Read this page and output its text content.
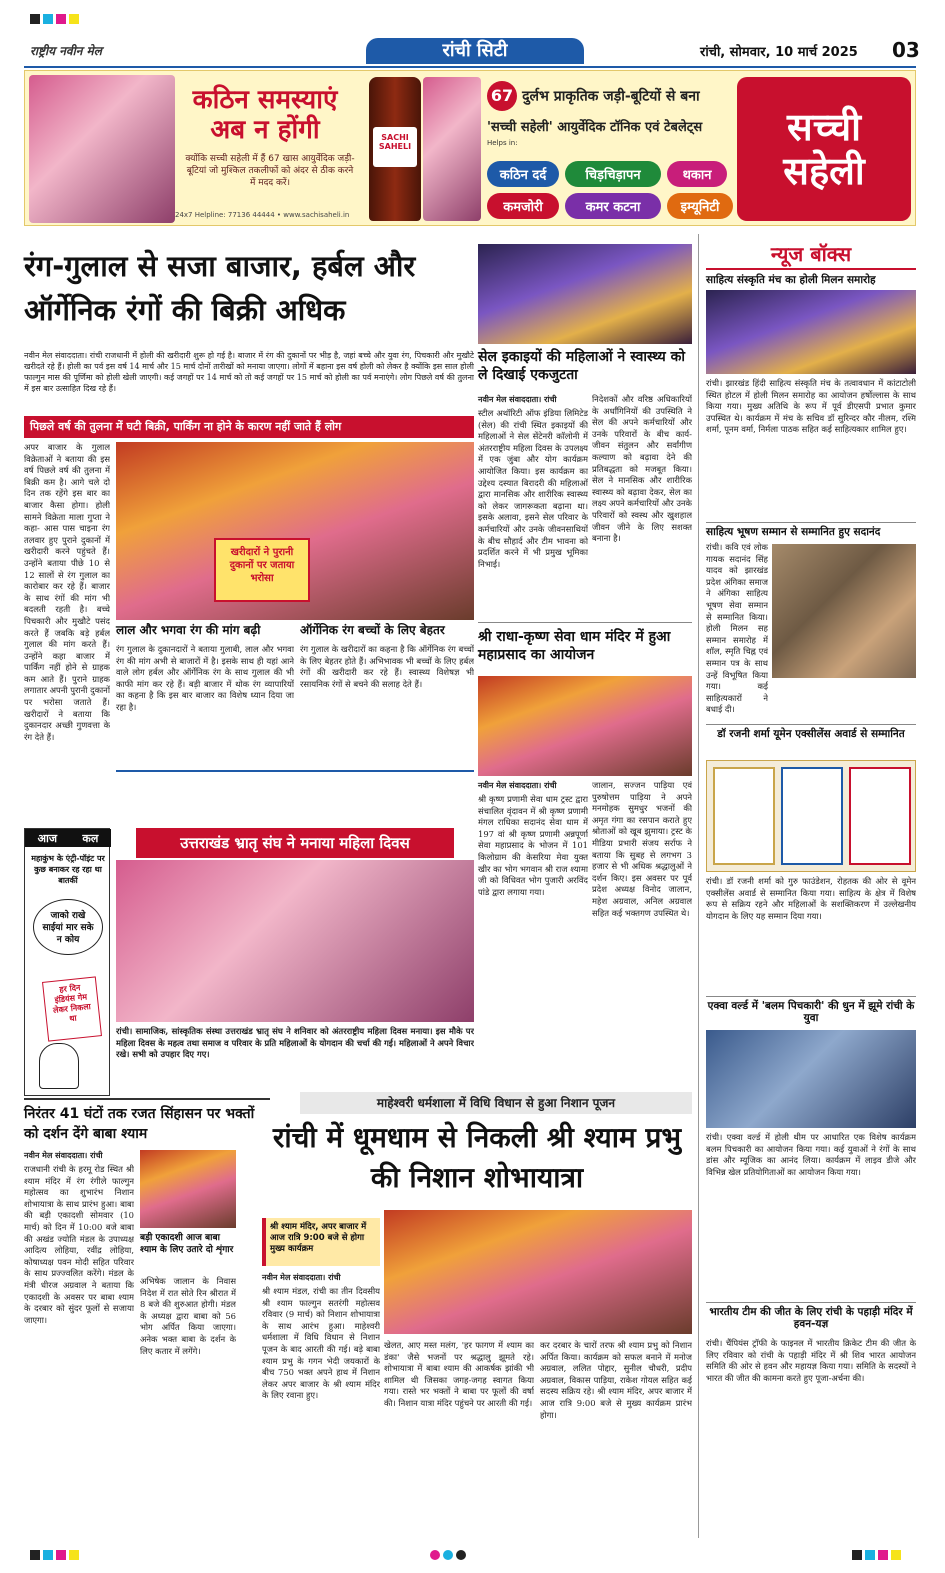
राष्ट्रीय नवीन मेल	रांची सिटी	रांची, सोमवार, 10 मार्च 2025 03
कठिन समस्याएं
अब न होंगी
क्योंकि सच्ची सहेली में हैं 67 खास आयुर्वेदिक जड़ी-बूटियां जो मुश्किल तकलीफों को अंदर से ठीक करने में मदद करें।
24x7 Helpline: 77136 44444 • www.sachisaheli.in
SACHI SAHELI
67 दुर्लभ प्राकृतिक जड़ी-बूटियों से बना
'सच्ची सहेली' आयुर्वेदिक टॉनिक एवं टेबलेट्स
Helps in:
कठिन दर्द	चिड़चिड़ापन	थकान
कमजोरी	कमर कटना	इम्यूनिटी
सच्ची सहेली
रंग-गुलाल से सजा बाजार, हर्बल और ऑर्गेनिक रंगों की बिक्री अधिक
नवीन मेल संवाददाता। रांची राजधानी में होली की खरीदारी शुरू हो गई है। बाजार में रंग की दुकानों पर भीड़ है, जहां बच्चे और युवा रंग, पिचकारी और मुखौटे खरीदते रहे हैं। होली का पर्व इस वर्ष 14 मार्च और 15 मार्च दोनों तारीखों को मनाया जाएगा। लोगों में बहाना इस वर्ष होली को लेकर है क्योंकि इस साल होली फाल्गुन मास की पूर्णिमा को होली खेली जाएगी। कई जगहों पर 14 मार्च को तो कई जगहों पर 15 मार्च को होली का पर्व मनाएंगे। लोग पिछले वर्ष की तुलना में इस बार उत्साहित दिख रहे हैं।
पिछले वर्ष की तुलना में घटी बिक्री, पार्किंग ना होने के कारण नहीं जाते हैं लोग
अपर बाजार के गुलाल विक्रेताओं ने बताया की इस वर्ष पिछले वर्ष की तुलना में बिक्री कम है। आगे चले दो दिन तक रहेंगे इस बार का बाजार कैसा होगा। होली सामने विक्रेता माला गुप्ता ने कहा- आस पास चाइना रंग तलवार हुए पुराने दुकानों में खरीदारी करने पहुंचते हैं। उन्होंने बताया पीछे 10 से 12 सालों से रंग गुलाल का कारोबार कर रहे हैं। बाजार के साथ रंगों की मांग भी बदलती रहती है। बच्चे पिचकारी और मुखौटे पसंद करते हैं जबकि बड़े हर्बल गुलाल की मांग करते हैं। उन्होंने कहा बाजार में पार्किंग नहीं होने से ग्राहक कम आते हैं। पुराने ग्राहक लगातार अपनी पुरानी दुकानों पर भरोसा जताते हैं। खरीदारों ने बताया कि दुकानदार अच्छी गुणवत्ता के रंग देते हैं।
खरीदारों ने पुरानी दुकानों पर जताया भरोसा
लाल और भगवा रंग की मांग बढ़ी	ऑर्गेनिक रंग बच्चों के लिए बेहतर
रंग गुलाल के दुकानदारों ने बताया गुलाबी, लाल और भगवा रंग की मांग अभी से बाजारों में है। इसके साथ ही यहां आने वाले लोग हर्बल और ऑर्गेनिक रंग के साथ गुलाल की भी काफी मांग कर रहे हैं। बड़ी बाजार में थोक रंग व्यापारियों का कहना है कि इस बार बाजार का विशेष ध्यान दिया जा रहा है।
रंग गुलाल के खरीदारों का कहना है कि ऑर्गेनिक रंग बच्चों के लिए बेहतर होते हैं। अभिभावक भी बच्चों के लिए हर्बल रंगों की खरीदारी कर रहे हैं। स्वास्थ्य विशेषज्ञ भी रसायनिक रंगों से बचने की सलाह देते हैं।
आज कल
महाकुंभ के एंट्री-पॉइंट पर कुछ बनाकर रह रहा था बातकीं
जाको राखे साईयां मार सके न कोय
हर दिन इंडियंस गेम लेकर निकला था
उत्तराखंड भ्रातृ संघ ने मनाया महिला दिवस
रांची। सामाजिक, सांस्कृतिक संस्था उत्तराखंड भ्रातृ संघ ने शनिवार को अंतरराष्ट्रीय महिला दिवस मनाया। इस मौके पर महिला दिवस के महत्व तथा समाज व परिवार के प्रति महिलाओं के योगदान की चर्चा की गई। महिलाओं ने अपने विचार रखे। सभी को उपहार दिए गए।
सेल इकाइयों की महिलाओं ने स्वास्थ्य को ले दिखाई एकजुटता
नवीन मेल संवाददाता। रांची
स्टील अथॉरिटी ऑफ इंडिया लिमिटेड (सेल) की रांची स्थित इकाइयों की महिलाओं ने सेल सेंटेनरी कॉलोनी में अंतरराष्ट्रीय महिला दिवस के उपलक्ष्य में एक जुंबा और योग कार्यक्रम आयोजित किया। इस कार्यक्रम का उद्देश्य दस्यात बिरादरी की महिलाओं द्वारा मानसिक और शारीरिक स्वास्थ्य को लेकर जागरूकता बढ़ाना था। इसके अलावा, इसने सेल परिवार के कर्मचारियों और उनके जीवनसाथियों के बीच सौहार्द और टीम भावना को प्रदर्शित करने में भी प्रमुख भूमिका निभाई।
निदेशकों और वरिष्ठ अधिकारियों के अर्धांगिनियों की उपस्थिति ने सेल की अपने कर्मचारियों और उनके परिवारों के बीच कार्य-जीवन संतुलन और सर्वांगीण कल्याण को बढ़ावा देने की प्रतिबद्धता को मजबूत किया। सेल ने मानसिक और शारीरिक स्वास्थ्य को बढ़ावा देकर, सेल का लक्ष्य अपने कर्मचारियों और उनके परिवारों को स्वस्थ और खुशहाल जीवन जीने के लिए सशक्त बनाना है।
श्री राधा-कृष्ण सेवा धाम मंदिर में हुआ महाप्रसाद का आयोजन
नवीन मेल संवाददाता। रांची
श्री कृष्ण प्रणामी सेवा धाम ट्रस्ट द्वारा संचालित वृंदावन में श्री कृष्ण प्रणामी मंगल राधिका सदानंद सेवा धाम में 197 वां श्री कृष्ण प्रणामी अन्नपूर्णा सेवा महाप्रसाद के भोजन में 101 किलोग्राम की केसरिया मेवा युक्त खीर का भोग भगवान श्री राज श्यामा जी को विधिवत भोग पुजारी अरविंद पांडे द्वारा लगाया गया।
जालान, सज्जन पाड़िया एवं पुरुषोत्तम पाड़िया ने अपने मनमोहक सुमधुर भजनों की अमृत गंगा का रसपान कराते हुए श्रोताओं को खूब झुमाया। ट्रस्ट के मीडिया प्रभारी संजय सर्राफ ने बताया कि सुबह से लगभग 3 हजार से भी अधिक श्रद्धालुओं ने दर्शन किए। इस अवसर पर पूर्व प्रदेश अध्यक्ष विनोद जालान, महेश अग्रवाल, अनिल अग्रवाल सहित कई भक्तगण उपस्थित थे।
निरंतर 41 घंटों तक रजत सिंहासन पर भक्तों को दर्शन देंगे बाबा श्याम
नवीन मेल संवाददाता। रांची
राजधानी रांची के हरमू रोड स्थित श्री श्याम मंदिर में रंग रंगीले फाल्गुन महोत्सव का शुभारंभ निशान शोभायात्रा के साथ प्रारंभ हुआ। बाबा की बड़ी एकादशी सोमवार (10 मार्च) को दिन में 10:00 बजे बाबा की अखंड ज्योति मंडल के उपाध्यक्ष आदित्य लोहिया, रवींद्र लोहिया, कोषाध्यक्ष पवन मोदी सहित परिवार के साथ प्रज्ज्वलित करेंगे। मंडल के मंत्री धीरज अग्रवाल ने बताया कि एकादशी के अवसर पर बाबा श्याम के दरबार को सुंदर फूलों से सजाया जाएगा।
बड़ी एकादशी आज बाबा श्याम के लिए उतारे दो शृंगार
अभिषेक जालान के निवास निदेश में रात सोते रिन श्रीरात में 8 बजे की शुरुआत होगी। मंडल के अध्यक्ष द्वारा बाबा को 56 भोग अर्पित किया जाएगा। अनेक भक्त बाबा के दर्शन के लिए कतार में लगेंगे।
माहेश्वरी धर्मशाला में विधि विधान से हुआ निशान पूजन
रांची में धूमधाम से निकली श्री श्याम प्रभु की निशान शोभायात्रा
श्री श्याम मंदिर, अपर बाजार में आज रात्रि 9:00 बजे से होगा मुख्य कार्यक्रम
नवीन मेल संवाददाता। रांची
श्री श्याम मंडल, रांची का तीन दिवसीय श्री श्याम फाल्गुन सतरंगी महोत्सव रविवार (9 मार्च) को निशान शोभायात्रा के साथ आरंभ हुआ। माहेश्वरी धर्मशाला में विधि विधान से निशान पूजन के बाद आरती की गई। बड़े बाबा श्याम प्रभु के गगन भेदी जयकारों के बीच 750 भक्त अपने हाथ में निशान लेकर अपर बाजार के श्री श्याम मंदिर के लिए रवाना हुए।
खेलत, आए मस्त मलंग, 'हर फागण में श्याम का डंका' जैसे भजनों पर श्रद्धालु झूमते रहे। शोभायात्रा में बाबा श्याम की आकर्षक झांकी भी शामिल थी जिसका जगह-जगह स्वागत किया गया। रास्ते भर भक्तों ने बाबा पर फूलों की वर्षा की। निशान यात्रा मंदिर पहुंचने पर आरती की गई।
कर दरबार के चारों तरफ श्री श्याम प्रभु को निशान अर्पित किया। कार्यक्रम को सफल बनाने में मनोज अग्रवाल, ललित पोद्दार, सुनील चौधरी, प्रदीप अग्रवाल, विकास पाड़िया, राकेश गोयल सहित कई सदस्य सक्रिय रहे। श्री श्याम मंदिर, अपर बाजार में आज रात्रि 9:00 बजे से मुख्य कार्यक्रम प्रारंभ होगा।
न्यूज बॉक्स
साहित्य संस्कृति मंच का होली मिलन समारोह
रांची। झारखंड हिंदी साहित्य संस्कृति मंच के तत्वावधान में कांटाटोली स्थित होटल में होली मिलन समारोह का आयोजन हर्षोल्लास के साथ किया गया। मुख्य अतिथि के रूप में पूर्व डीएसपी प्रभात कुमार उपस्थित थे। कार्यक्रम में मंच के सचिव डॉ सुरिन्दर कौर नीलम, रश्मि शर्मा, पूनम वर्मा, निर्मला पाठक सहित कई साहित्यकार शामिल हुए।
साहित्य भूषण सम्मान से सम्मानित हुए सदानंद
रांची। कवि एवं लोक गायक सदानंद सिंह यादव को झारखंड प्रदेश अंगिका समाज ने अंगिका साहित्य भूषण सेवा सम्मान से सम्मानित किया। होली मिलन सह सम्मान समारोह में शॉल, स्मृति चिह्न एवं सम्मान पत्र के साथ उन्हें विभूषित किया गया। कई साहित्यकारों ने बधाई दी।
डॉ रजनी शर्मा यूमेन एक्सीलेंस अवार्ड से सम्मानित
रांची। डॉ रजनी शर्मा को गुरु फाउंडेशन, रोहतक की ओर से वूमेन एक्सीलेंस अवार्ड से सम्मानित किया गया। साहित्य के क्षेत्र में विशेष रूप से सक्रिय रहने और महिलाओं के सशक्तिकरण में उल्लेखनीय योगदान के लिए यह सम्मान दिया गया।
एक्वा वर्ल्ड में 'बलम पिचकारी' की धुन में झूमे रांची के युवा
रांची। एक्वा वर्ल्ड में होली थीम पर आधारित एक विशेष कार्यक्रम बलम पिचकारी का आयोजन किया गया। कई युवाओं ने रंगों के साथ डांस और म्यूजिक का आनंद लिया। कार्यक्रम में लाइव डीजे और विभिन्न खेल प्रतियोगिताओं का आयोजन किया गया।
भारतीय टीम की जीत के लिए रांची के पहाड़ी मंदिर में हवन-यज्ञ
रांची। चैंपियंस ट्रॉफी के फाइनल में भारतीय क्रिकेट टीम की जीत के लिए रविवार को रांची के पहाड़ी मंदिर में श्री शिव भारत आयोजन समिति की ओर से हवन और महायज्ञ किया गया। समिति के सदस्यों ने भारत की जीत की कामना करते हुए पूजा-अर्चना की।
